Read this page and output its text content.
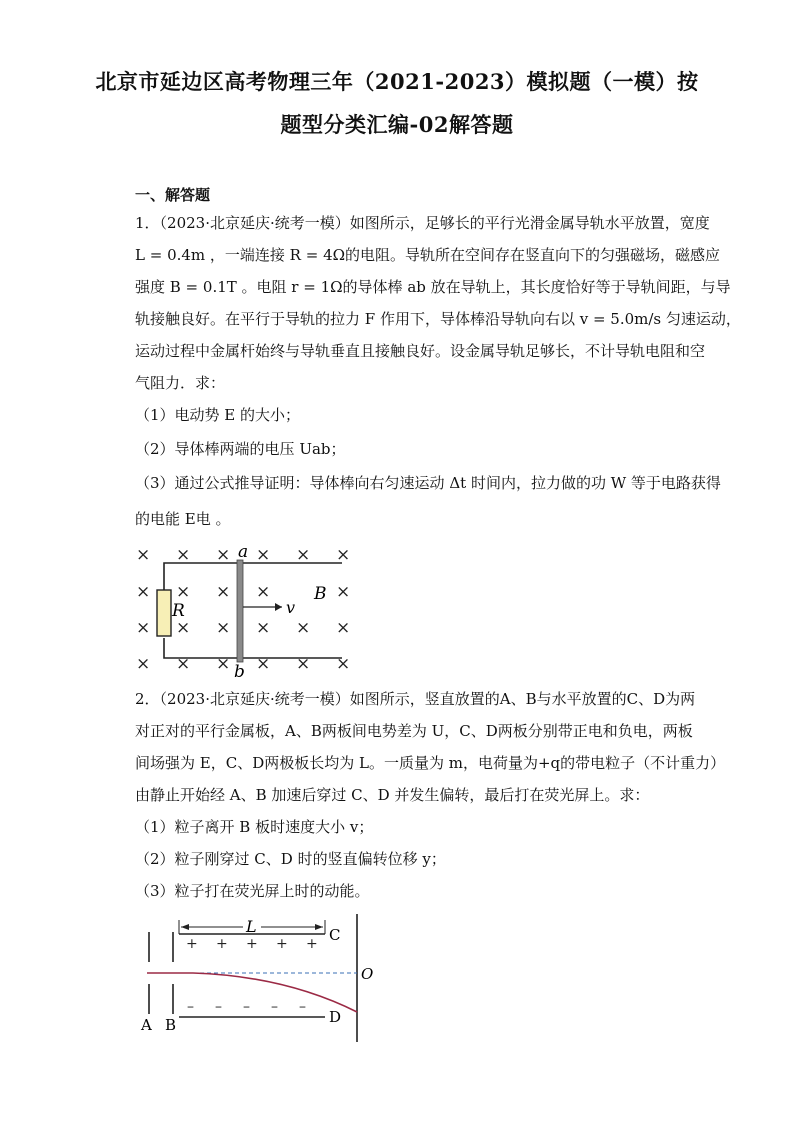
北京市延边区高考物理三年（2021-2023）模拟题（一模）按
题型分类汇编-02解答题
一、解答题
1．（2023·北京延庆·统考一模）如图所示，足够长的平行光滑金属导轨水平放置，宽度
L = 0.4m ，一端连接 R = 4Ω的电阻。导轨所在空间存在竖直向下的匀强磁场，磁感应
强度 B = 0.1T 。电阻 r = 1Ω的导体棒 ab 放在导轨上，其长度恰好等于导轨间距，与导
轨接触良好。在平行于导轨的拉力 F 作用下，导体棒沿导轨向右以 v = 5.0m/s 匀速运动，
运动过程中金属杆始终与导轨垂直且接触良好。设金属导轨足够长，不计导轨电阻和空
气阻力．求：
（1）电动势 E 的大小；
（2）导体棒两端的电压 Uab；
（3）通过公式推导证明：导体棒向右匀速运动 Δt 时间内，拉力做的功 W 等于电路获得
的电能 E电 。
× × × × × ×
× × × ×	×
× × × × × ×
× × × × × ×
R
a
b
v
B
2．（2023·北京延庆·统考一模）如图所示，竖直放置的A、B与水平放置的C、D为两
对正对的平行金属板，A、B两板间电势差为 U，C、D两板分别带正电和负电，两板
间场强为 E，C、D两极板长均为 L。一质量为 m，电荷量为+q的带电粒子（不计重力）
由静止开始经 A、B 加速后穿过 C、D 并发生偏转，最后打在荧光屏上。求：
（1）粒子离开 B 板时速度大小 v；
（2）粒子刚穿过 C、D 时的竖直偏转位移 y；
（3）粒子打在荧光屏上时的动能。
A B
L
+ + + + + C
– – – – –
D
O
